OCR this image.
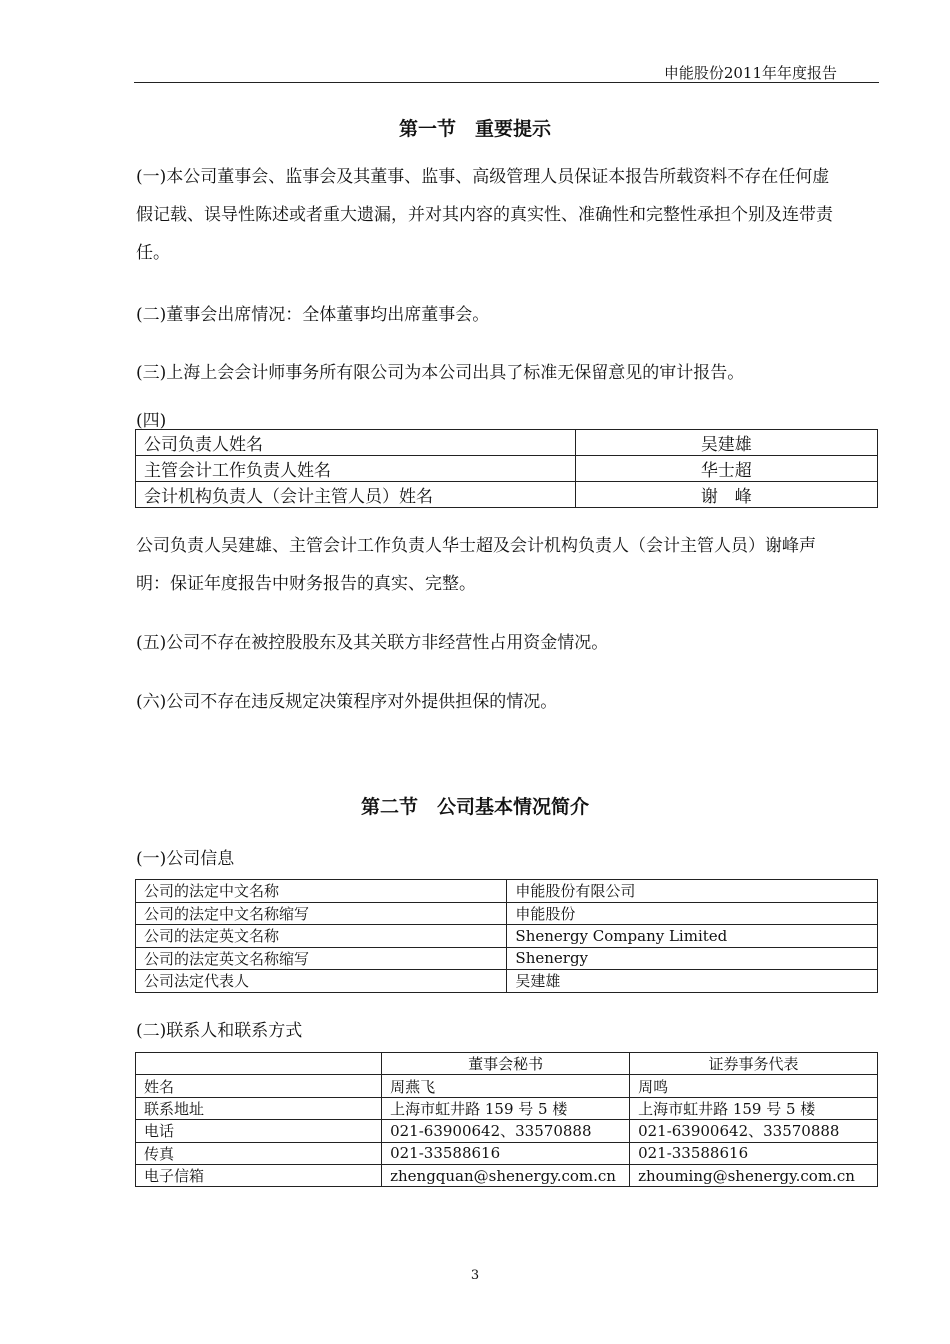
申能股份2011年年度报告
第一节　重要提示
(一)本公司董事会、监事会及其董事、监事、高级管理人员保证本报告所载资料不存在任何虚假记载、误导性陈述或者重大遗漏，并对其内容的真实性、准确性和完整性承担个别及连带责任。
(二)董事会出席情况：全体董事均出席董事会。
(三)上海上会会计师事务所有限公司为本公司出具了标准无保留意见的审计报告。
(四)
公司负责人姓名	吴建雄
主管会计工作负责人姓名	华士超
会计机构负责人（会计主管人员）姓名	谢　峰
公司负责人吴建雄、主管会计工作负责人华士超及会计机构负责人（会计主管人员）谢峰声明：保证年度报告中财务报告的真实、完整。
(五)公司不存在被控股股东及其关联方非经营性占用资金情况。
(六)公司不存在违反规定决策程序对外提供担保的情况。
第二节　公司基本情况简介
(一)公司信息
公司的法定中文名称	申能股份有限公司
公司的法定中文名称缩写	申能股份
公司的法定英文名称	Shenergy Company Limited
公司的法定英文名称缩写	Shenergy
公司法定代表人	吴建雄
(二)联系人和联系方式
	董事会秘书	证券事务代表
姓名	周燕飞	周鸣
联系地址	上海市虹井路 159 号 5 楼	上海市虹井路 159 号 5 楼
电话	021-63900642、33570888	021-63900642、33570888
传真	021-33588616	021-33588616
电子信箱	zhengquan@shenergy.com.cn	zhouming@shenergy.com.cn
3
